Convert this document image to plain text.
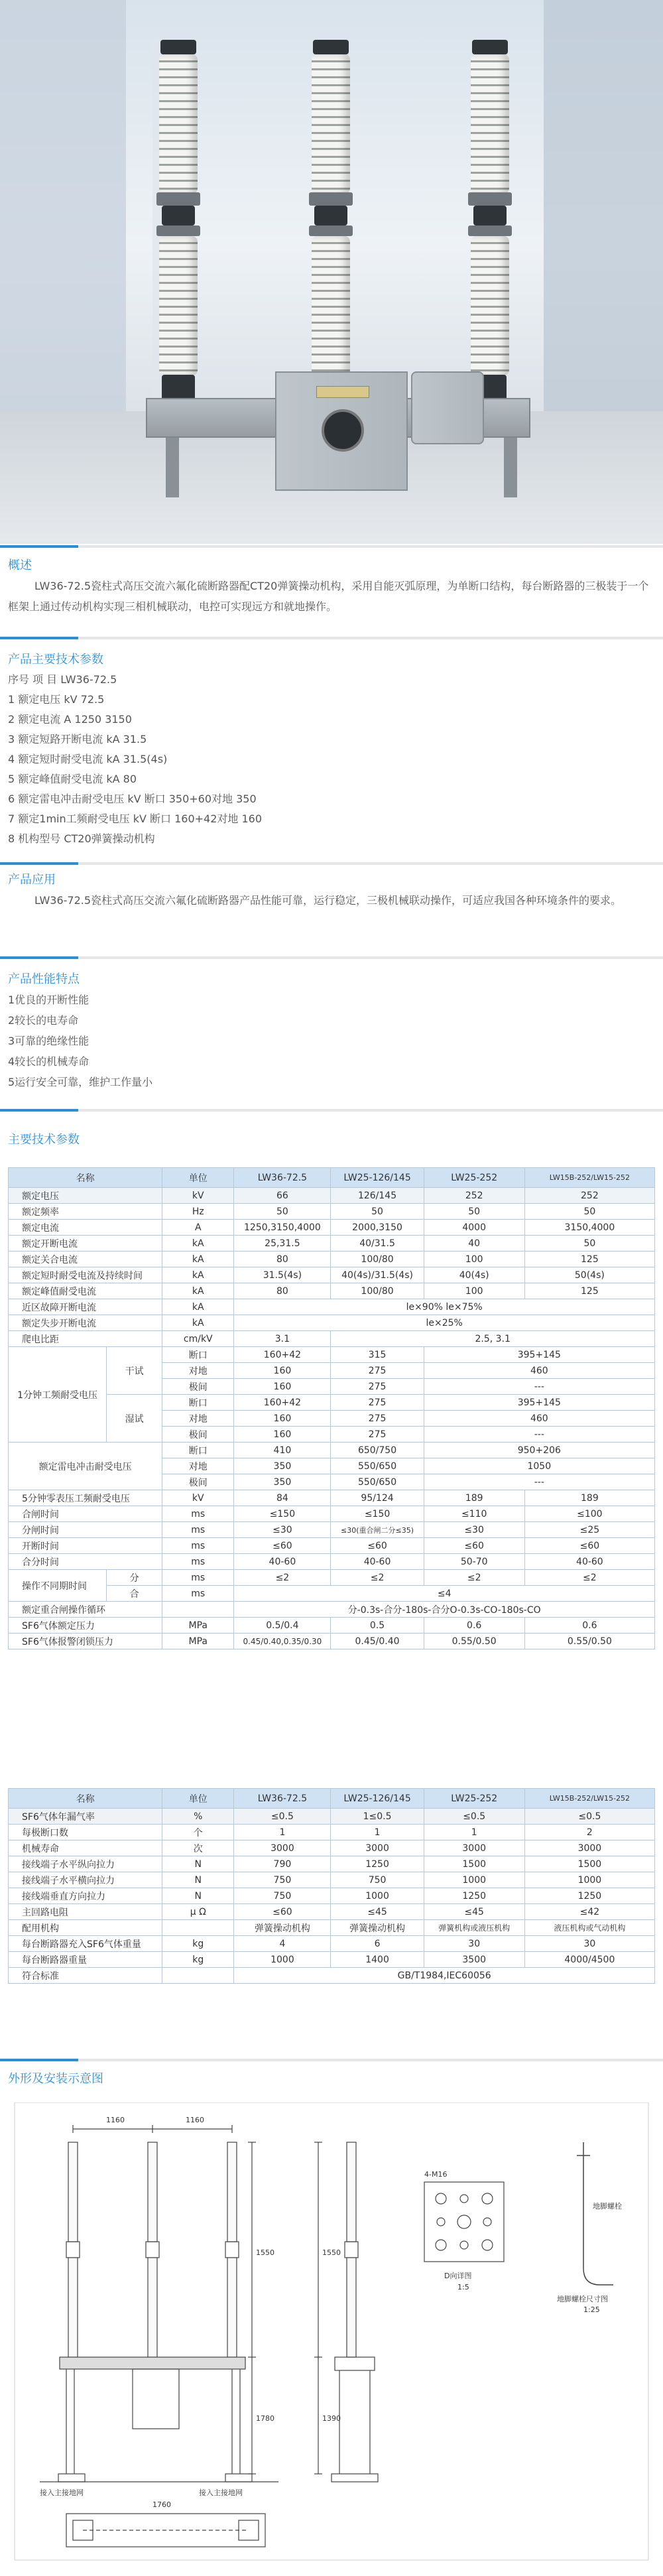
概述
LW36-72.5瓷柱式高压交流六氟化硫断路器配CT20弹簧操动机构，采用自能灭弧原理，为单断口结构，每台断路器的三极装于一个框架上通过传动机构实现三相机械联动，电控可实现远方和就地操作。
产品主要技术参数
序号 项 目 LW36-72.5
1 额定电压 kV 72.5
2 额定电流 A 1250 3150
3 额定短路开断电流 kA 31.5
4 额定短时耐受电流 kA 31.5(4s)
5 额定峰值耐受电流 kA 80
6 额定雷电冲击耐受电压 kV 断口 350+60对地 350
7 额定1min工频耐受电压 kV 断口 160+42对地 160
8 机构型号 CT20弹簧操动机构
产品应用
LW36-72.5瓷柱式高压交流六氟化硫断路器产品性能可靠，运行稳定，三极机械联动操作，可适应我国各种环境条件的要求。
产品性能特点
1优良的开断性能
2较长的电寿命
3可靠的绝缘性能
4较长的机械寿命
5运行安全可靠，维护工作量小
主要技术参数
名称		单位	LW36-72.5	LW25-126/145	LW25-252	LW15B-252/LW15-252
额定电压		kV	66	126/145	252	252
额定频率		Hz	50	50	50	50
额定电流		A	1250,3150,4000	2000,3150	4000	3150,4000
额定开断电流		kA	25,31.5	40/31.5	40	50
额定关合电流		kA	80	100/80	100	125
额定短时耐受电流及持续时间		kA	31.5(4s)	40(4s)/31.5(4s)	40(4s)	50(4s)
额定峰值耐受电流		kA	80	100/80	100	125
近区故障开断电流		kA	le×90% le×75%			
额定失步开断电流		kA	le×25%			
爬电比距		cm/kV	3.1	2.5, 3.1		
1分钟工频耐受电压	干试	断口	160+42	315	395+145	
		对地	160	275	460	
		极间	160	275	---	
	湿试	断口	160+42	275	395+145	
		对地	160	275	460	
		极间	160	275	---	
额定雷电冲击耐受电压		断口	410	650/750	950+206	
		对地	350	550/650	1050	
		极间	350	550/650	---	
5分钟零表压工频耐受电压		kV	84	95/124	189	189
合闸时间		ms	≤150	≤150	≤110	≤100
分闸时间		ms	≤30	≤30(重合闸二分≤35)	≤30	≤25
开断时间		ms	≤60	≤60	≤60	≤60
合分时间		ms	40-60	40-60	50-70	40-60
操作不同期时间	分	ms	≤2	≤2	≤2	≤2
	合	ms	≤4			
额定重合闸操作循环			分-0.3s-合分-180s-合分O-0.3s-CO-180s-CO			
SF6气体额定压力		MPa	0.5/0.4	0.5	0.6	0.6
SF6气体报警闭锁压力		MPa	0.45/0.40,0.35/0.30	0.45/0.40	0.55/0.50	0.55/0.50
名称	单位	LW36-72.5	LW25-126/145	LW25-252	LW15B-252/LW15-252
SF6气体年漏气率	%	≤0.5	1≤0.5	≤0.5	≤0.5
每极断口数	个	1	1	1	2
机械寿命	次	3000	3000	3000	3000
接线端子水平纵向拉力	N	790	1250	1500	1500
接线端子水平横向拉力	N	750	750	1000	1000
接线端垂直方向拉力	N	750	1000	1250	1250
主回路电阻	μ Ω	≤60	≤45	≤45	≤42
配用机构		弹簧操动机构	弹簧操动机构	弹簧机构或液压机构	液压机构或气动机构
每台断路器充入SF6气体重量	kg	4	6	30	30
每台断路器重量	kg	1000	1400	3500	4000/4500
符合标准		GB/T1984,IEC60056			
外形及安装示意图
1160	1160
1760
1550
1780
1550
1390
接入主接地网	接入主接地网
D向详图
1:5
4-M16
地脚螺栓尺寸图
1:25
地脚螺栓
